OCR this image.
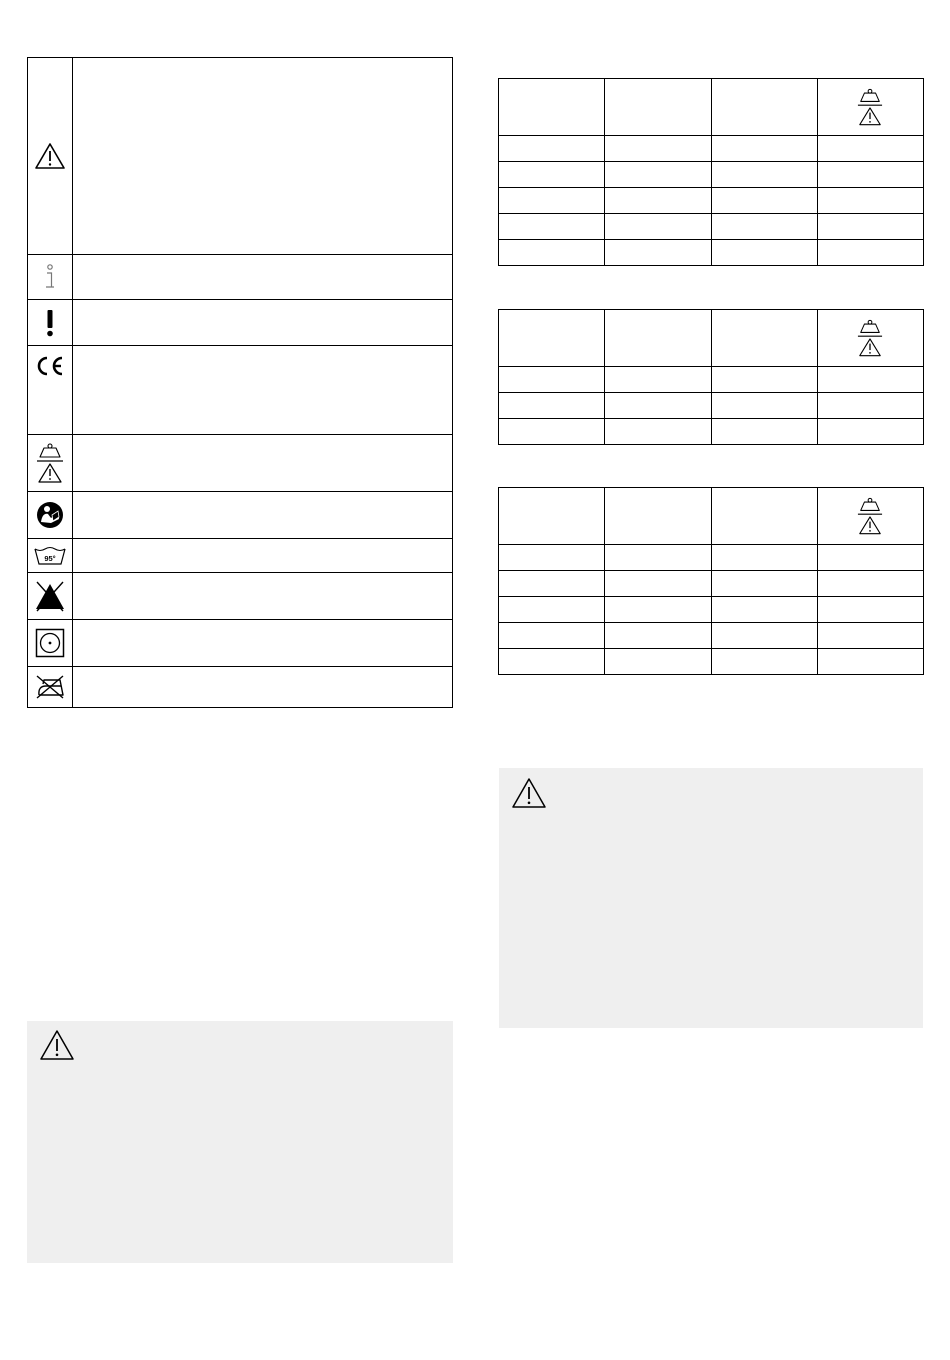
95°
